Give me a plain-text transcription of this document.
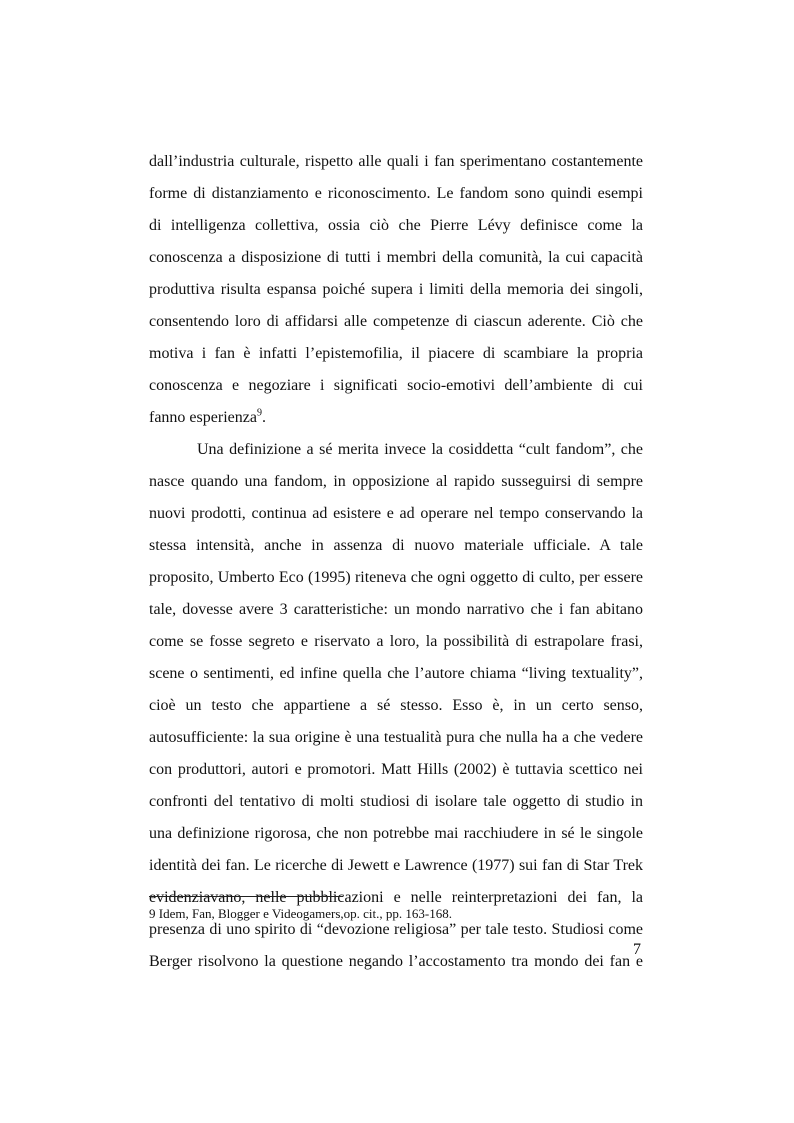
dall’industria culturale, rispetto alle quali i fan sperimentano costantemente
forme di distanziamento e riconoscimento. Le fandom sono quindi esempi
di intelligenza collettiva, ossia ciò che Pierre Lévy definisce come la
conoscenza a disposizione di tutti i membri della comunità, la cui capacità
produttiva risulta espansa poiché supera i limiti della memoria dei singoli,
consentendo loro di affidarsi alle competenze di ciascun aderente. Ciò che
motiva i fan è infatti l’epistemofilia, il piacere di scambiare la propria
conoscenza e negoziare i significati socio-emotivi dell’ambiente di cui
fanno esperienza$^9$.
Una definizione a sé merita invece la cosiddetta “cult fandom”, che
nasce quando una fandom, in opposizione al rapido susseguirsi di sempre
nuovi prodotti, continua ad esistere e ad operare nel tempo conservando la
stessa intensità, anche in assenza di nuovo materiale ufficiale. A tale
proposito, Umberto Eco (1995) riteneva che ogni oggetto di culto, per essere
tale, dovesse avere 3 caratteristiche: un mondo narrativo che i fan abitano
come se fosse segreto e riservato a loro, la possibilità di estrapolare frasi,
scene o sentimenti, ed infine quella che l’autore chiama “living textuality”,
cioè un testo che appartiene a sé stesso. Esso è, in un certo senso,
autosufficiente: la sua origine è una testualità pura che nulla ha a che vedere
con produttori, autori e promotori. Matt Hills (2002) è tuttavia scettico nei
confronti del tentativo di molti studiosi di isolare tale oggetto di studio in
una definizione rigorosa, che non potrebbe mai racchiudere in sé le singole
identità dei fan. Le ricerche di Jewett e Lawrence (1977) sui fan di Star Trek
evidenziavano, nelle pubblicazioni e nelle reinterpretazioni dei fan, la
presenza di uno spirito di “devozione religiosa” per tale testo. Studiosi come
Berger risolvono la questione negando l’accostamento tra mondo dei fan e
9 Idem, Fan, Blogger e Videogamers,op. cit., pp. 163-168.
7
